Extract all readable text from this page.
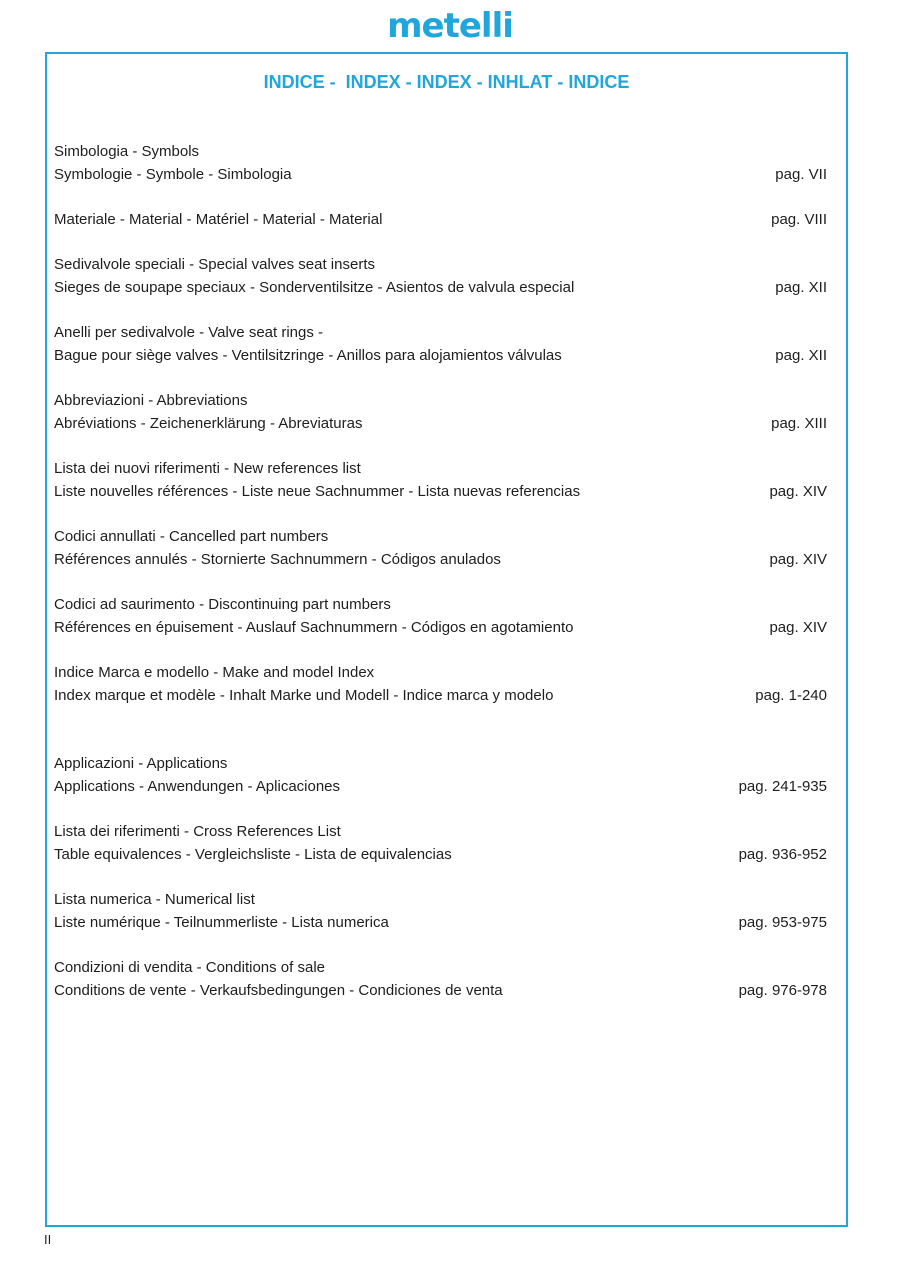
metelli
INDICE -  INDEX - INDEX - INHLAT - INDICE
Simbologia - Symbols
Symbologie - Symbole - Simbologia	pag. VII
Materiale - Material - Matériel - Material - Material	pag. VIII
Sedivalvole speciali - Special valves seat inserts
Sieges de soupape speciaux - Sonderventilsitze - Asientos de valvula especial	pag. XII
Anelli per sedivalvole - Valve seat rings -
Bague pour siège valves - Ventilsitzringe - Anillos para alojamientos válvulas	pag. XII
Abbreviazioni - Abbreviations
Abréviations - Zeichenerklärung - Abreviaturas	pag. XIII
Lista dei nuovi riferimenti - New references list
Liste nouvelles références - Liste neue Sachnummer - Lista nuevas referencias	pag. XIV
Codici annullati - Cancelled part numbers
Références annulés - Stornierte Sachnummern - Códigos anulados	pag. XIV
Codici ad saurimento - Discontinuing part numbers
Références en épuisement - Auslauf Sachnummern - Códigos en agotamiento	pag. XIV
Indice Marca e modello - Make and model Index
Index marque et modèle - Inhalt Marke und Modell - Indice marca y modelo	pag. 1-240
Applicazioni - Applications
Applications - Anwendungen - Aplicaciones	pag. 241-935
Lista dei riferimenti - Cross References List
Table equivalences - Vergleichsliste - Lista de equivalencias	pag. 936-952
Lista numerica - Numerical list
Liste numérique - Teilnummerliste - Lista numerica	pag. 953-975
Condizioni di vendita - Conditions of sale
Conditions de vente - Verkaufsbedingungen - Condiciones de venta	pag. 976-978
II
